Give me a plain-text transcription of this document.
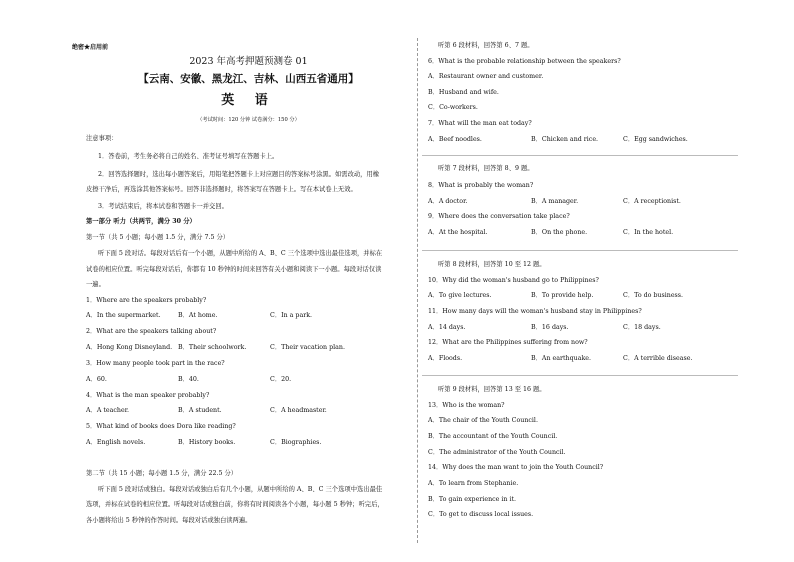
绝密★启用前
2023 年高考押题预测卷 01
【云南、安徽、黑龙江、吉林、山西五省通用】
英 语
（考试时间：120 分钟 试卷满分：150 分）
注意事项：
1．答卷前，考生务必将自己的姓名、准考证号填写在答题卡上。
2．回答选择题时，选出每小题答案后，用铅笔把答题卡上对应题目的答案标号涂黑。如需改动，用橡
皮擦干净后，再选涂其他答案标号。回答非选择题时，将答案写在答题卡上。写在本试卷上无效。
3．考试结束后，将本试卷和答题卡一并交回。
第一部分 听力（共两节，满分 30 分）
第一节（共 5 小题；每小题 1.5 分，满分 7.5 分）
听下面 5 段对话。每段对话后有一个小题，从题中所给的 A、B、C 三个选项中选出最佳选项，并标在
试卷的相应位置。听完每段对话后，你都有 10 秒钟的时间来回答有关小题和阅读下一小题。每段对话仅读
一遍。
1．Where are the speakers probably?
A．In the supermarket.	B．At home.	C．In a park.
2．What are the speakers talking about?
A．Hong Kong Disneyland. B．Their schoolwork.	C．Their vacation plan.
3．How many people took part in the race?
A．60.	B．40.	C．20.
4．What is the man speaker probably?
A．A teacher.	B．A student.	C．A headmaster.
5．What kind of books does Dora like reading?
A．English novels.	B．History books.	C．Biographies.
第二节（共 15 小题；每小题 1.5 分，满分 22.5 分）
听下面 5 段对话或独白。每段对话或独白后有几个小题，从题中所给的 A、B、C 三个选项中选出最佳
选项，并标在试卷的相应位置。听每段对话或独白前，你将有时间阅读各个小题，每小题 5 秒钟；听完后，
各小题将给出 5 秒钟的作答时间。每段对话或独白读两遍。
听第 6 段材料，回答第 6、7 题。
6．What is the probable relationship between the speakers?
A．Restaurant owner and customer.
B．Husband and wife.
C．Co-workers.
7．What will the man eat today?
A．Beef noodles.	B．Chicken and rice.	C．Egg sandwiches.
听第 7 段材料，回答第 8、9 题。
8．What is probably the woman?
A．A doctor.	B．A manager.	C．A receptionist.
9．Where does the conversation take place?
A．At the hospital.	B．On the phone.	C．In the hotel.
听第 8 段材料，回答第 10 至 12 题。
10．Why did the woman's husband go to Philippines?
A．To give lectures.	B．To provide help.	C．To do business.
11．How many days will the woman's husband stay in Philippines?
A．14 days.	B．16 days.	C．18 days.
12．What are the Philippines suffering from now?
A．Floods.	B．An earthquake.	C．A terrible disease.
听第 9 段材料，回答第 13 至 16 题。
13．Who is the woman?
A．The chair of the Youth Council.
B．The accountant of the Youth Council.
C．The administrator of the Youth Council.
14．Why does the man want to join the Youth Council?
A．To learn from Stephanie.
B．To gain experience in it.
C．To get to discuss local issues.
